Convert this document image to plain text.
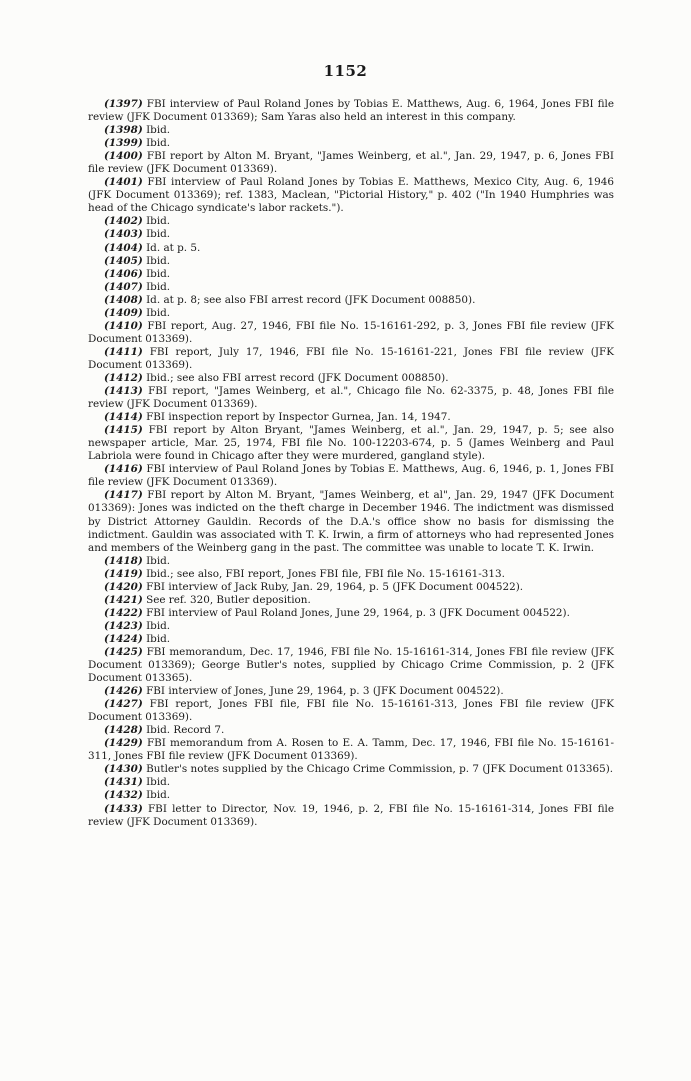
1152

(1397) FBI interview of Paul Roland Jones by Tobias E. Matthews, Aug. 6, 1964, Jones FBI file review (JFK Document 013369); Sam Yaras also held an interest in this company.

(1398) Ibid.

(1399) Ibid.

(1400) FBI report by Alton M. Bryant, "James Weinberg, et al.", Jan. 29, 1947, p. 6, Jones FBI file review (JFK Document 013369).

(1401) FBI interview of Paul Roland Jones by Tobias E. Matthews, Mexico City, Aug. 6, 1946 (JFK Document 013369); ref. 1383, Maclean, "Pictorial History," p. 402 ("In 1940 Humphries was head of the Chicago syndicate's labor rackets.").

(1402) Ibid.

(1403) Ibid.

(1404) Id. at p. 5.

(1405) Ibid.

(1406) Ibid.

(1407) Ibid.

(1408) Id. at p. 8; see also FBI arrest record (JFK Document 008850).

(1409) Ibid.

(1410) FBI report, Aug. 27, 1946, FBI file No. 15-16161-292, p. 3, Jones FBI file review (JFK Document 013369).

(1411) FBI report, July 17, 1946, FBI file No. 15-16161-221, Jones FBI file review (JFK Document 013369).

(1412) Ibid.; see also FBI arrest record (JFK Document 008850).

(1413) FBI report, "James Weinberg, et al.", Chicago file No. 62-3375, p. 48, Jones FBI file review (JFK Document 013369).

(1414) FBI inspection report by Inspector Gurnea, Jan. 14, 1947.

(1415) FBI report by Alton Bryant, "James Weinberg, et al.", Jan. 29, 1947, p. 5; see also newspaper article, Mar. 25, 1974, FBI file No. 100-12203-674, p. 5 (James Weinberg and Paul Labriola were found in Chicago after they were murdered, gangland style).

(1416) FBI interview of Paul Roland Jones by Tobias E. Matthews, Aug. 6, 1946, p. 1, Jones FBI file review (JFK Document 013369).

(1417) FBI report by Alton M. Bryant, "James Weinberg, et al", Jan. 29, 1947 (JFK Document 013369): Jones was indicted on the theft charge in December 1946. The indictment was dismissed by District Attorney Gauldin. Records of the D.A.'s office show no basis for dismissing the indictment. Gauldin was associated with T. K. Irwin, a firm of attorneys who had represented Jones and members of the Weinberg gang in the past. The committee was unable to locate T. K. Irwin.

(1418) Ibid.

(1419) Ibid.; see also, FBI report, Jones FBI file, FBI file No. 15-16161-313.

(1420) FBI interview of Jack Ruby, Jan. 29, 1964, p. 5 (JFK Document 004522).

(1421) See ref. 320, Butler deposition.

(1422) FBI interview of Paul Roland Jones, June 29, 1964, p. 3 (JFK Document 004522).

(1423) Ibid.

(1424) Ibid.

(1425) FBI memorandum, Dec. 17, 1946, FBI file No. 15-16161-314, Jones FBI file review (JFK Document 013369); George Butler's notes, supplied by Chicago Crime Commission, p. 2 (JFK Document 013365).

(1426) FBI interview of Jones, June 29, 1964, p. 3 (JFK Document 004522).

(1427) FBI report, Jones FBI file, FBI file No. 15-16161-313, Jones FBI file review (JFK Document 013369).

(1428) Ibid. Record 7.

(1429) FBI memorandum from A. Rosen to E. A. Tamm, Dec. 17, 1946, FBI file No. 15-16161-311, Jones FBI file review (JFK Document 013369).

(1430) Butler's notes supplied by the Chicago Crime Commission, p. 7 (JFK Document 013365).

(1431) Ibid.

(1432) Ibid.

(1433) FBI letter to Director, Nov. 19, 1946, p. 2, FBI file No. 15-16161-314, Jones FBI file review (JFK Document 013369).
